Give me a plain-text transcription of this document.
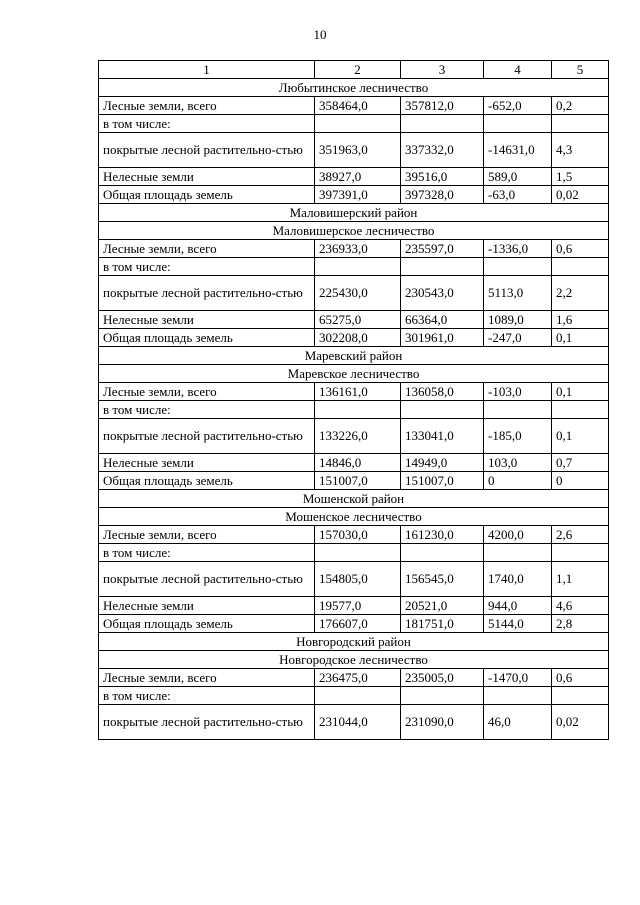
10
1	2	3	4	5
Любытинское лесничество				
Лесные земли, всего	358464,0	357812,0	-652,0	0,2
в том числе:				
покрытые лесной растительно-стью	351963,0	337332,0	-14631,0	4,3
Нелесные земли	38927,0	39516,0	589,0	1,5
Общая площадь земель	397391,0	397328,0	-63,0	0,02
Маловишерский район				
Маловишерское лесничество				
Лесные земли, всего	236933,0	235597,0	-1336,0	0,6
в том числе:				
покрытые лесной растительно-стью	225430,0	230543,0	5113,0	2,2
Нелесные земли	65275,0	66364,0	1089,0	1,6
Общая площадь земель	302208,0	301961,0	-247,0	0,1
Маревский район				
Маревское лесничество				
Лесные земли, всего	136161,0	136058,0	-103,0	0,1
в том числе:				
покрытые лесной растительно-стью	133226,0	133041,0	-185,0	0,1
Нелесные земли	14846,0	14949,0	103,0	0,7
Общая площадь земель	151007,0	151007,0	0	0
Мошенской район				
Мошенское лесничество				
Лесные земли, всего	157030,0	161230,0	4200,0	2,6
в том числе:				
покрытые лесной растительно-стью	154805,0	156545,0	1740,0	1,1
Нелесные земли	19577,0	20521,0	944,0	4,6
Общая площадь земель	176607,0	181751,0	5144,0	2,8
Новгородский район				
Новгородское лесничество				
Лесные земли, всего	236475,0	235005,0	-1470,0	0,6
в том числе:				
покрытые лесной растительно-стью	231044,0	231090,0	46,0	0,02
